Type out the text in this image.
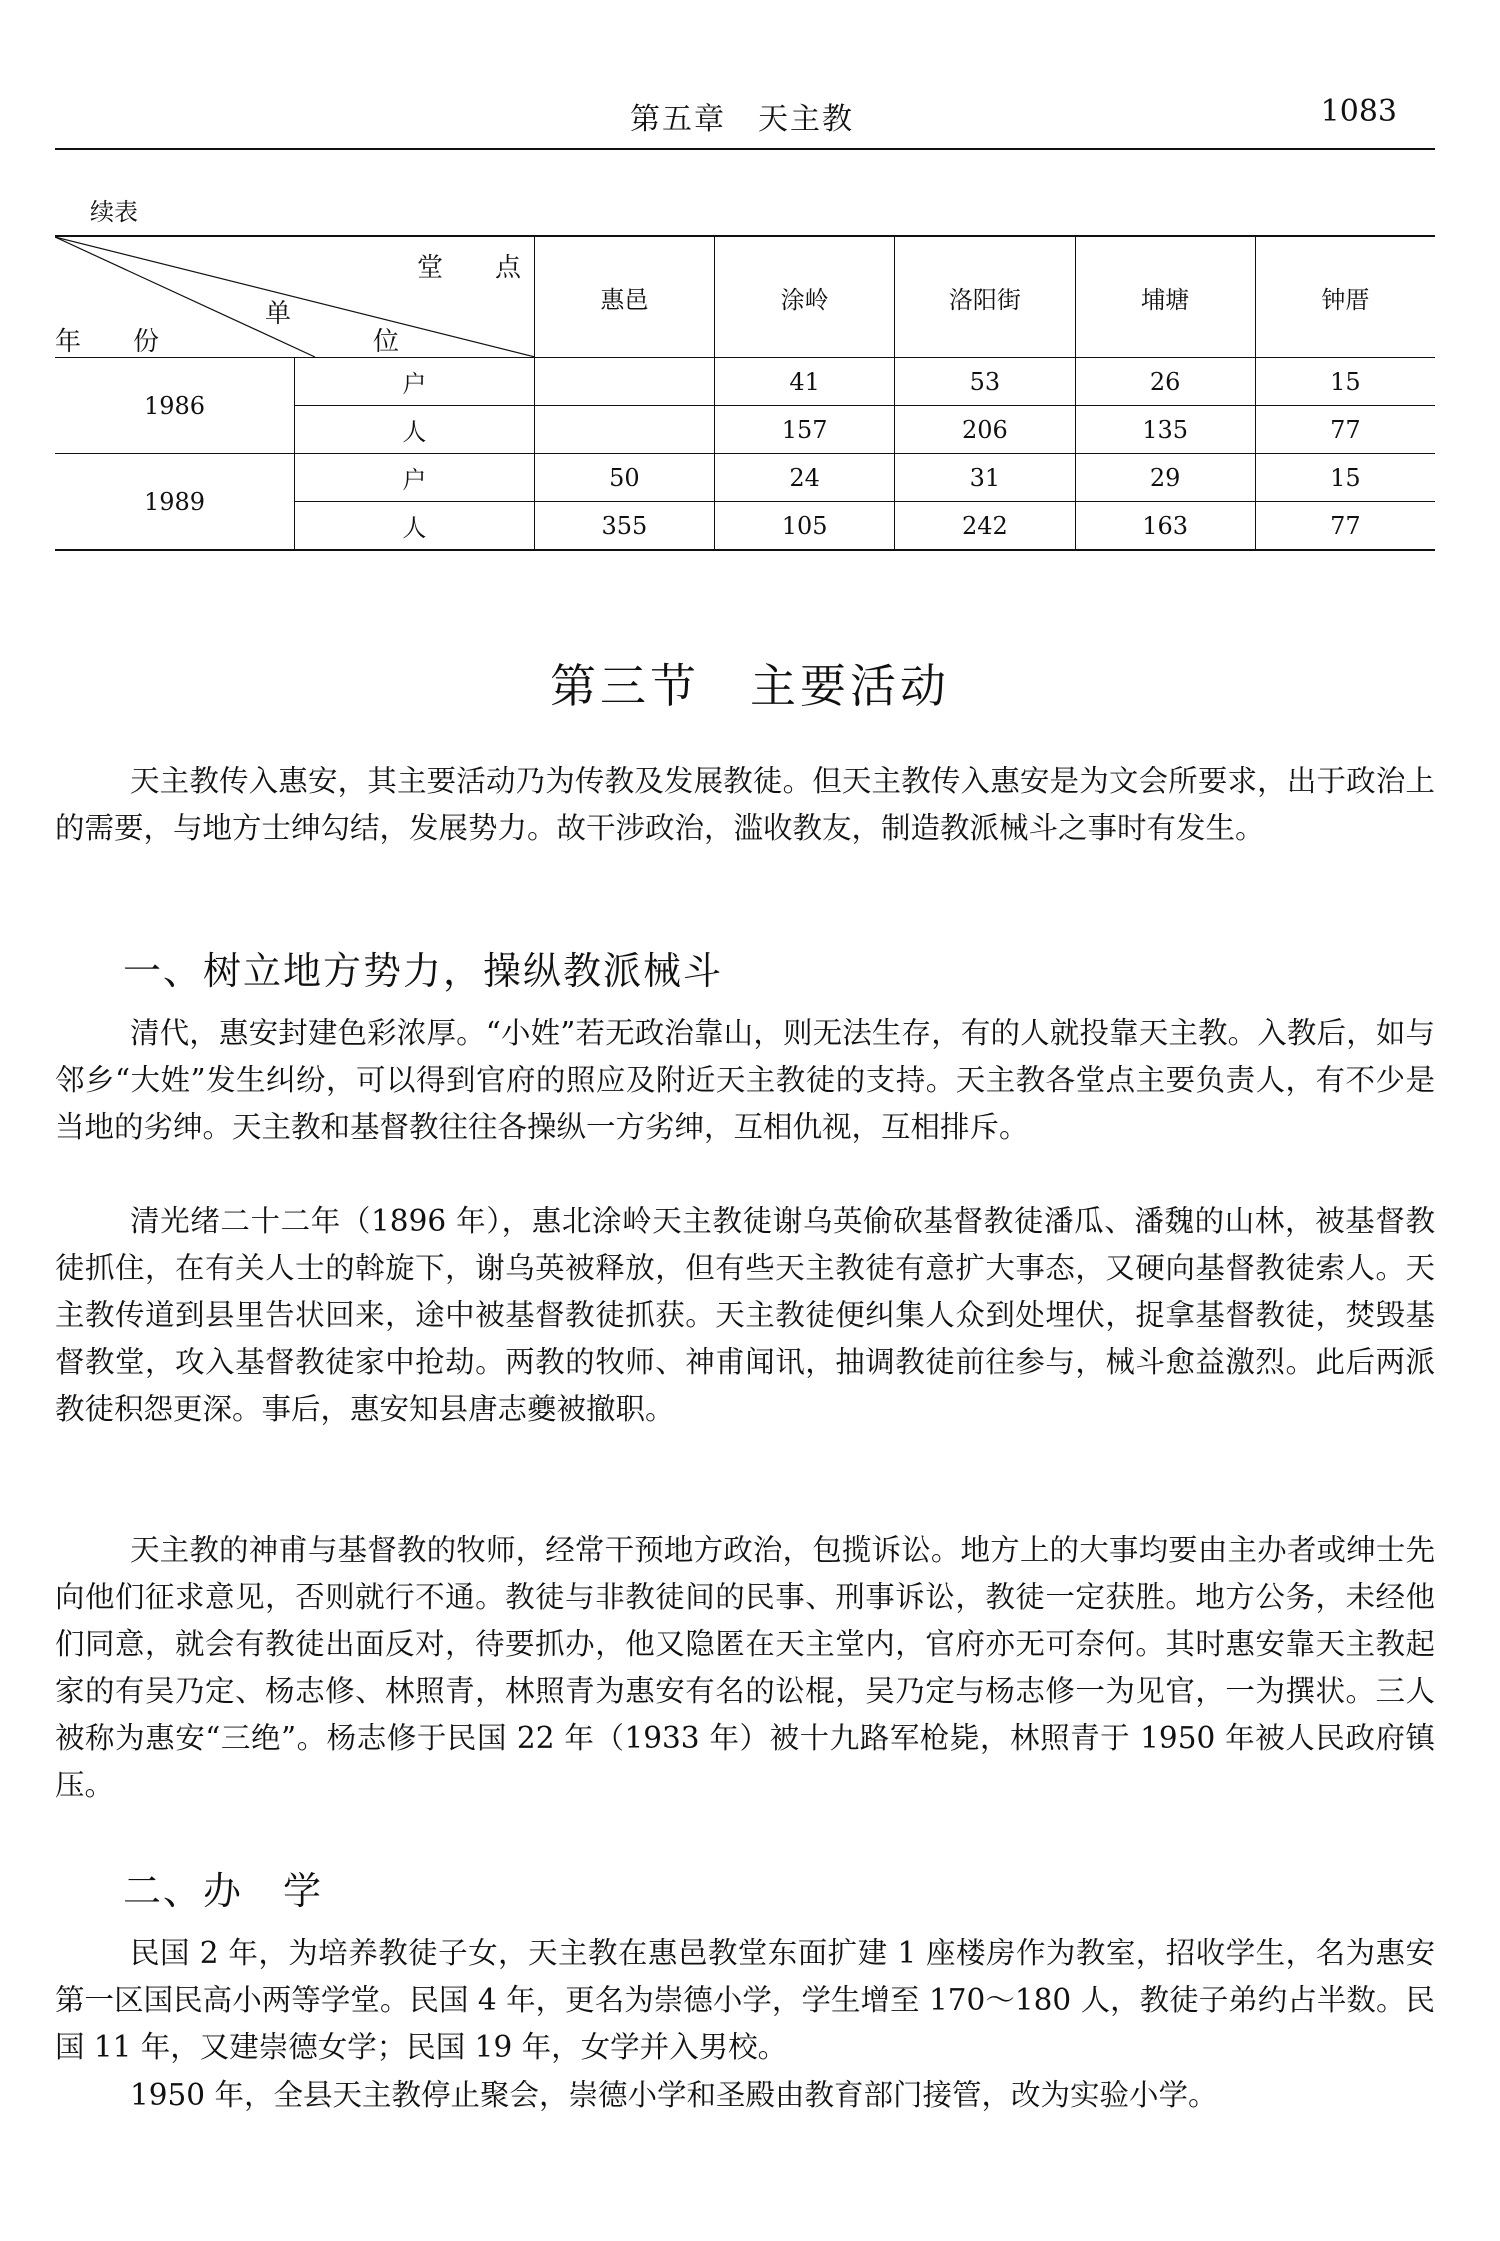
第五章 天主教	1083
续表
堂　　点
单
位
年　　份		惠邑	涂岭	洛阳街	埔塘	钟厝
1986	户		41	53	26	15
	人		157	206	135	77
1989	户	50	24	31	29	15
	人	355	105	242	163	77
第三节 主要活动

天主教传入惠安，其主要活动乃为传教及发展教徒。但天主教传入惠安是为文会所要求，出于政治上的需要，与地方士绅勾结，发展势力。故干涉政治，滥收教友，制造教派械斗之事时有发生。

一、树立地方势力，操纵教派械斗

清代，惠安封建色彩浓厚。“小姓”若无政治靠山，则无法生存，有的人就投靠天主教。入教后，如与邻乡“大姓”发生纠纷，可以得到官府的照应及附近天主教徒的支持。天主教各堂点主要负责人，有不少是当地的劣绅。天主教和基督教往往各操纵一方劣绅，互相仇视，互相排斥。

清光绪二十二年（1896 年），惠北涂岭天主教徒谢乌英偷砍基督教徒潘瓜、潘魏的山林，被基督教徒抓住，在有关人士的斡旋下，谢乌英被释放，但有些天主教徒有意扩大事态，又硬向基督教徒索人。天主教传道到县里告状回来，途中被基督教徒抓获。天主教徒便纠集人众到处埋伏，捉拿基督教徒，焚毁基督教堂，攻入基督教徒家中抢劫。两教的牧师、神甫闻讯，抽调教徒前往参与，械斗愈益激烈。此后两派教徒积怨更深。事后，惠安知县唐志夔被撤职。

天主教的神甫与基督教的牧师，经常干预地方政治，包揽诉讼。地方上的大事均要由主办者或绅士先向他们征求意见，否则就行不通。教徒与非教徒间的民事、刑事诉讼，教徒一定获胜。地方公务，未经他们同意，就会有教徒出面反对，待要抓办，他又隐匿在天主堂内，官府亦无可奈何。其时惠安靠天主教起家的有吴乃定、杨志修、林照青，林照青为惠安有名的讼棍，吴乃定与杨志修一为见官，一为撰状。三人被称为惠安“三绝”。杨志修于民国 22 年（1933 年）被十九路军枪毙，林照青于 1950 年被人民政府镇压。

二、办　学

民国 2 年，为培养教徒子女，天主教在惠邑教堂东面扩建 1 座楼房作为教室，招收学生，名为惠安第一区国民高小两等学堂。民国 4 年，更名为崇德小学，学生增至 170～180 人，教徒子弟约占半数。民国 11 年，又建崇德女学；民国 19 年，女学并入男校。

1950 年，全县天主教停止聚会，崇德小学和圣殿由教育部门接管，改为实验小学。
